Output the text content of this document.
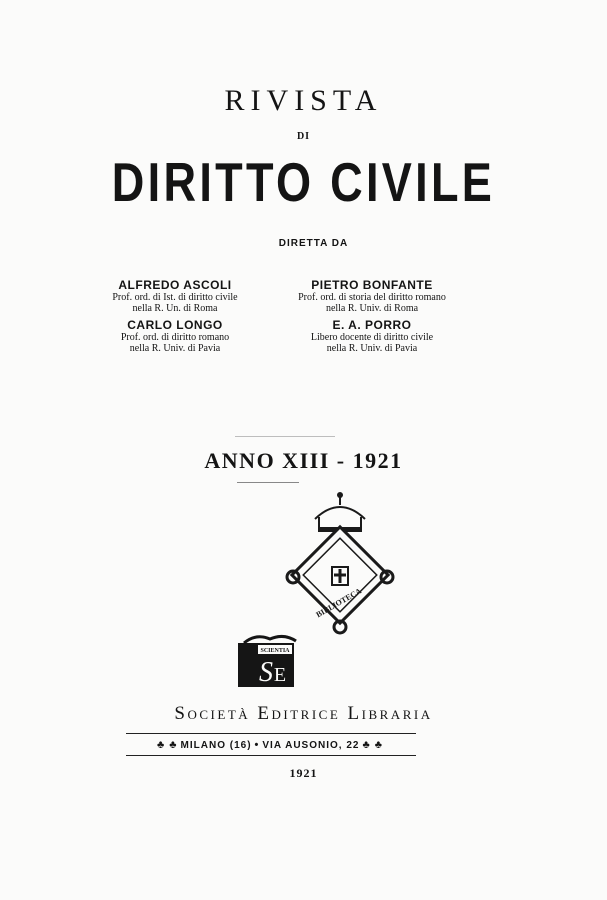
RIVISTA
DI
DIRITTO CIVILE
DIRETTA DA
ALFREDO ASCOLI
Prof. ord. di Ist. di diritto civile
nella R. Un. di Roma
PIETRO BONFANTE
Prof. ord. di storia del diritto romano
nella R. Univ. di Roma
CARLO LONGO
Prof. ord. di diritto romano
nella R. Univ. di Pavia
E. A. PORRO
Libero docente di diritto civile
nella R. Univ. di Pavia
ANNO XIII - 1921
BIBLIOTECA
SCIENTIA
S E
Società Editrice Libraria
♣ ♣ MILANO (16) • VIA AUSONIO, 22 ♣ ♣
1921
